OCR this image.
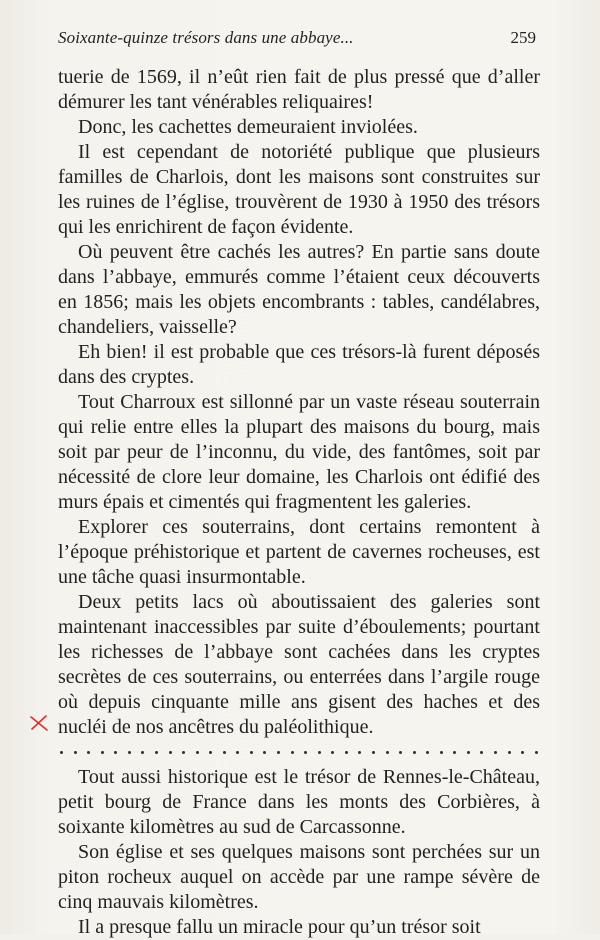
Soixante-quinze trésors dans une abbaye...	259

tuerie de 1569, il n’eût rien fait de plus pressé que d’aller démurer les tant vénérables reliquaires!

Donc, les cachettes demeuraient inviolées.

Il est cependant de notoriété publique que plusieurs familles de Charlois, dont les maisons sont construites sur les ruines de l’église, trouvèrent de 1930 à 1950 des trésors qui les enrichirent de façon évidente.

Où peuvent être cachés les autres? En partie sans doute dans l’abbaye, emmurés comme l’étaient ceux découverts en 1856; mais les objets encombrants : tables, candélabres, chandeliers, vaisselle?

Eh bien! il est probable que ces trésors-là furent déposés dans des cryptes.

Tout Charroux est sillonné par un vaste réseau souterrain qui relie entre elles la plupart des maisons du bourg, mais soit par peur de l’inconnu, du vide, des fantômes, soit par nécessité de clore leur domaine, les Charlois ont édifié des murs épais et cimentés qui fragmentent les galeries.

Explorer ces souterrains, dont certains remontent à l’époque préhistorique et partent de cavernes rocheuses, est une tâche quasi insurmontable.

Deux petits lacs où aboutissaient des galeries sont maintenant inaccessibles par suite d’éboulements; pourtant les richesses de l’abbaye sont cachées dans les cryptes secrètes de ces souterrains, ou enterrées dans l’argile rouge où depuis cinquante mille ans gisent des haches et des nucléi de nos ancêtres du paléolithique.

Tout aussi historique est le trésor de Rennes-le-Château, petit bourg de France dans les monts des Corbières, à soixante kilomètres au sud de Carcassonne.

Son église et ses quelques maisons sont perchées sur un piton rocheux auquel on accède par une rampe sévère de cinq mauvais kilomètres.

Il a presque fallu un miracle pour qu’un trésor soit
